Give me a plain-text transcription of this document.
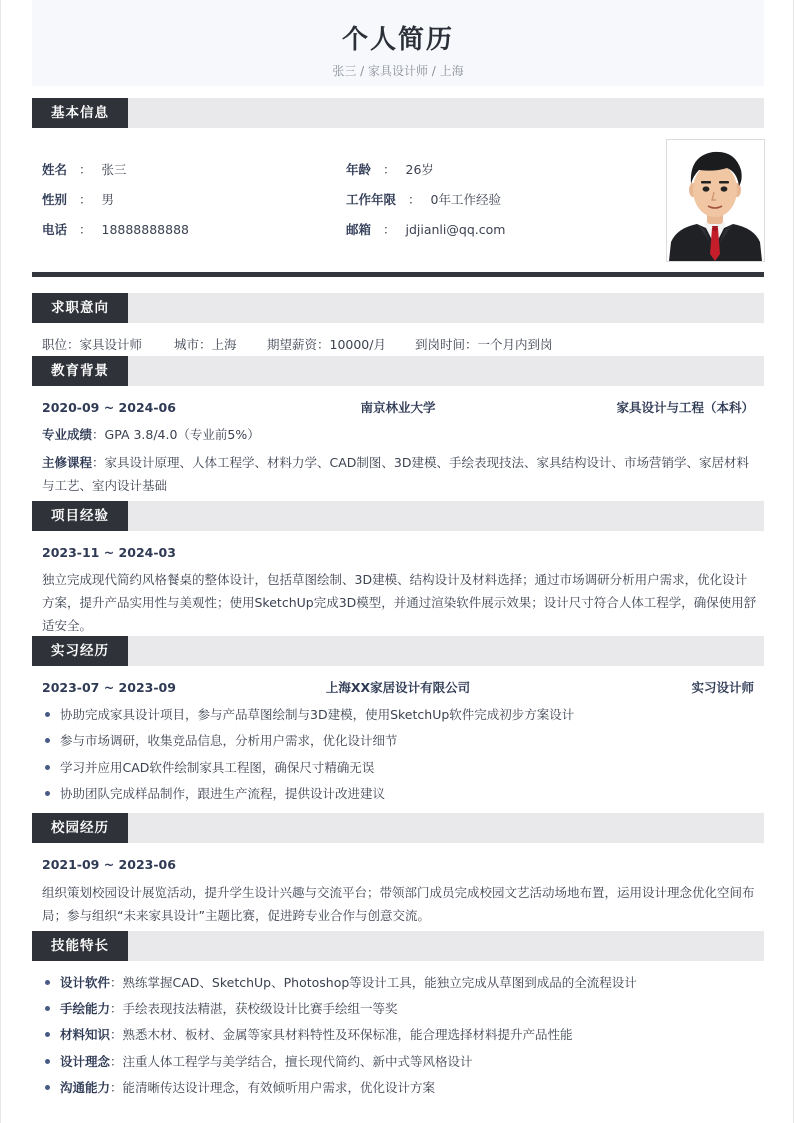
个人简历
张三 / 家具设计师 / 上海
基本信息
姓名 ： 张三	年龄 ： 26岁
性别 ： 男	工作年限 ： 0年工作经验
电话 ： 18888888888	邮箱 ： jdjianli@qq.com
求职意向
职位：家具设计师	城市：上海 期望薪资：10000/月 到岗时间：一个月内到岗
教育背景
2020-09 ~ 2024-06	南京林业大学	家具设计与工程（本科）
专业成绩：GPA 3.8/4.0（专业前5%）
主修课程：家具设计原理、人体工程学、材料力学、CAD制图、3D建模、手绘表现技法、家具结构设计、市场营销学、家居材料与工艺、室内设计基础
项目经验
2023-11 ~ 2024-03
独立完成现代简约风格餐桌的整体设计，包括草图绘制、3D建模、结构设计及材料选择；通过市场调研分析用户需求，优化设计方案，提升产品实用性与美观性；使用SketchUp完成3D模型，并通过渲染软件展示效果；设计尺寸符合人体工程学，确保使用舒适安全。
实习经历
2023-07 ~ 2023-09	上海XX家居设计有限公司	实习设计师
协助完成家具设计项目，参与产品草图绘制与3D建模，使用SketchUp软件完成初步方案设计
参与市场调研，收集竞品信息，分析用户需求，优化设计细节
学习并应用CAD软件绘制家具工程图，确保尺寸精确无误
协助团队完成样品制作，跟进生产流程，提供设计改进建议
校园经历
2021-09 ~ 2023-06
组织策划校园设计展览活动，提升学生设计兴趣与交流平台；带领部门成员完成校园文艺活动场地布置，运用设计理念优化空间布局；参与组织“未来家具设计”主题比赛，促进跨专业合作与创意交流。
技能特长
设计软件：熟练掌握CAD、SketchUp、Photoshop等设计工具，能独立完成从草图到成品的全流程设计
手绘能力：手绘表现技法精湛，获校级设计比赛手绘组一等奖
材料知识：熟悉木材、板材、金属等家具材料特性及环保标准，能合理选择材料提升产品性能
设计理念：注重人体工程学与美学结合，擅长现代简约、新中式等风格设计
沟通能力：能清晰传达设计理念，有效倾听用户需求，优化设计方案
